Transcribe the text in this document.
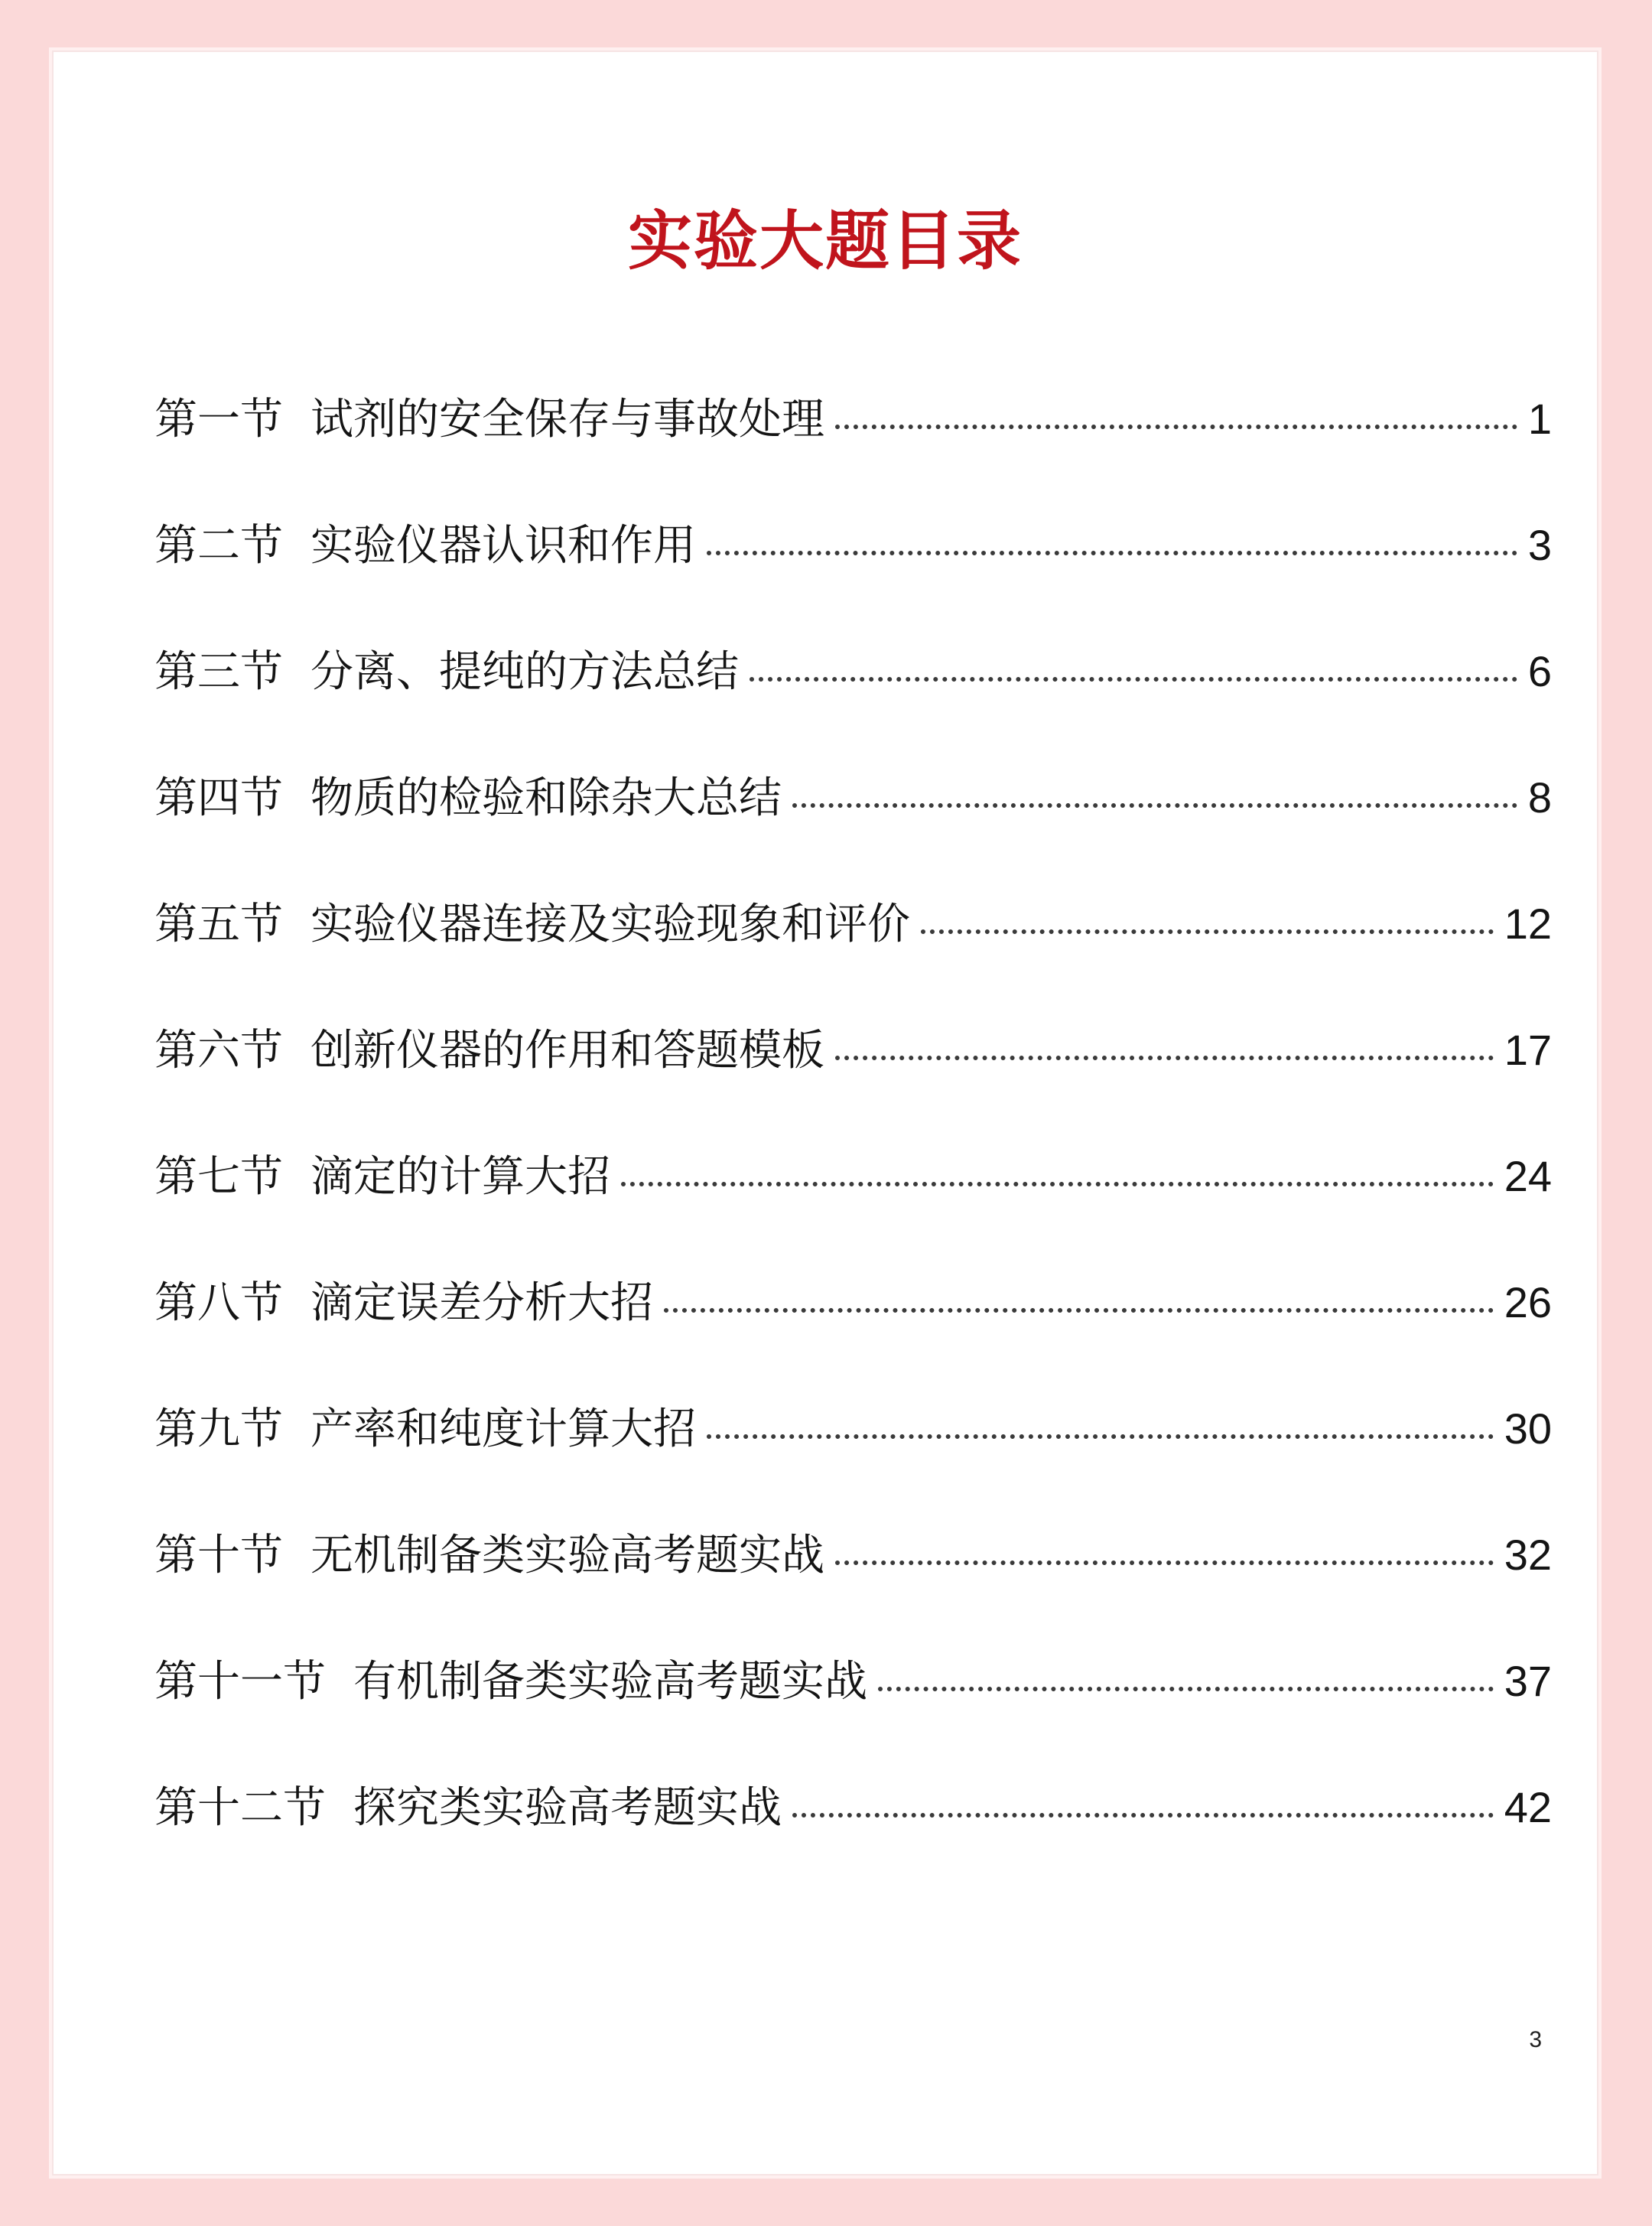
实验大题目录
第一节 试剂的安全保存与事故处理	1
第二节 实验仪器认识和作用	3
第三节 分离、提纯的方法总结	6
第四节 物质的检验和除杂大总结	8
第五节 实验仪器连接及实验现象和评价	12
第六节 创新仪器的作用和答题模板	17
第七节 滴定的计算大招	24
第八节 滴定误差分析大招	26
第九节 产率和纯度计算大招	30
第十节 无机制备类实验高考题实战	32
第十一节 有机制备类实验高考题实战	37
第十二节 探究类实验高考题实战	42
3
